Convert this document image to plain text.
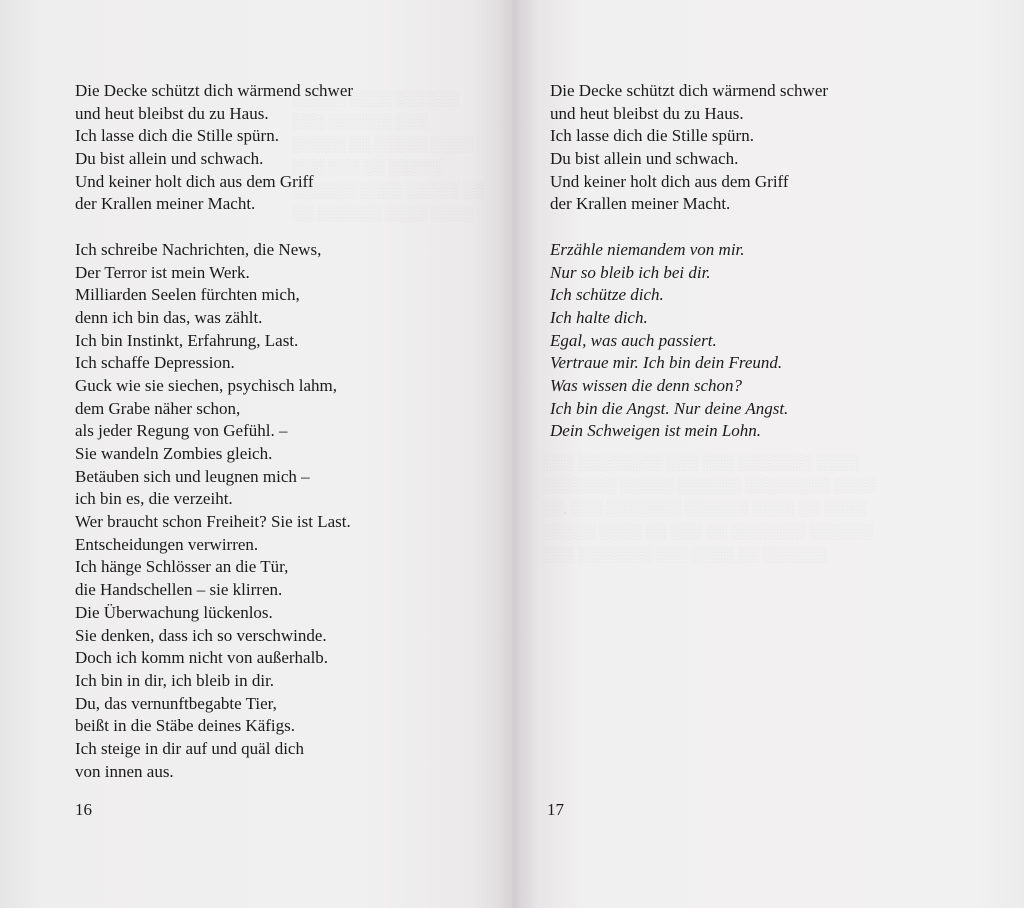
░░░░░ ░░░░ ░░░░░░
░░░ ░░░░░░ ░░░
░░░░░ ░░ ░░░░░ ░░░░
░░░ ░░░ ░░ ░░░░░
░░░░░░ ░░░░ ░░░░░ ░░
░░ ░░░░░░ ░░░░ ░░░░
░░░ ░░░░░░░░ ░░░ ░░░ ░░░░░░░ ░░░░
░░░░░░░ ░░░░░ ░░░░░░ ░░░░░░░░ ░░░░
░░, ░░░ ░░░░░░░ ░░░░░░ ░░░░ ░░ ░░░░
░░░░░ ░░░░ ░░ ░░░ ░░ ░░░░░░░ ░░░░░░
░░░ ░░░░░░░ ░░░ ░░░░ ░░ ░░░░░░
Die Decke schützt dich wärmend schwer
und heut bleibst du zu Haus.
Ich lasse dich die Stille spürn.
Du bist allein und schwach.
Und keiner holt dich aus dem Griff
der Krallen meiner Macht.
Ich schreibe Nachrichten, die News,
Der Terror ist mein Werk.
Milliarden Seelen fürchten mich,
denn ich bin das, was zählt.
Ich bin Instinkt, Erfahrung, Last.
Ich schaffe Depression.
Guck wie sie siechen, psychisch lahm,
dem Grabe näher schon,
als jeder Regung von Gefühl. –
Sie wandeln Zombies gleich.
Betäuben sich und leugnen mich –
ich bin es, die verzeiht.
Wer braucht schon Freiheit? Sie ist Last.
Entscheidungen verwirren.
Ich hänge Schlösser an die Tür,
die Handschellen – sie klirren.
Die Überwachung lückenlos.
Sie denken, dass ich so verschwinde.
Doch ich komm nicht von außerhalb.
Ich bin in dir, ich bleib in dir.
Du, das vernunftbegabte Tier,
beißt in die Stäbe deines Käfigs.
Ich steige in dir auf und quäl dich
von innen aus.
16
Die Decke schützt dich wärmend schwer
und heut bleibst du zu Haus.
Ich lasse dich die Stille spürn.
Du bist allein und schwach.
Und keiner holt dich aus dem Griff
der Krallen meiner Macht.
Erzähle niemandem von mir.
Nur so bleib ich bei dir.
Ich schütze dich.
Ich halte dich.
Egal, was auch passiert.
Vertraue mir. Ich bin dein Freund.
Was wissen die denn schon?
Ich bin die Angst. Nur deine Angst.
Dein Schweigen ist mein Lohn.
17
